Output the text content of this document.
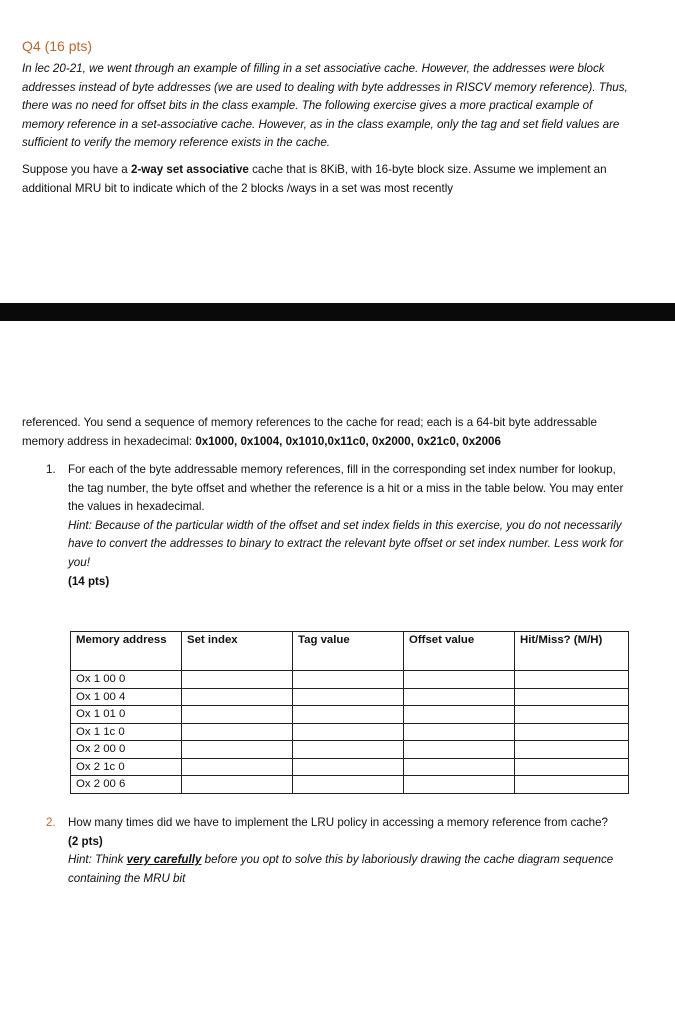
Q4 (16 pts)
In lec 20-21, we went through an example of filling in a set associative cache. However, the addresses were block addresses instead of byte addresses (we are used to dealing with byte addresses in RISCV memory reference). Thus, there was no need for offset bits in the class example. The following exercise gives a more practical example of memory reference in a set-associative cache. However, as in the class example, only the tag and set field values are sufficient to verify the memory reference exists in the cache.
Suppose you have a 2-way set associative cache that is 8KiB, with 16-byte block size. Assume we implement an additional MRU bit to indicate which of the 2 blocks /ways in a set was most recently
referenced. You send a sequence of memory references to the cache for read; each is a 64-bit byte addressable memory address in hexadecimal: 0x1000, 0x1004, 0x1010,0x11c0, 0x2000, 0x21c0, 0x2006
1. For each of the byte addressable memory references, fill in the corresponding set index number for lookup, the tag number, the byte offset and whether the reference is a hit or a miss in the table below. You may enter the values in hexadecimal.
Hint: Because of the particular width of the offset and set index fields in this exercise, you do not necessarily have to convert the addresses to binary to extract the relevant byte offset or set index number. Less work for you!
(14 pts)
Memory address	Set index	Tag value	Offset value	Hit/Miss? (M/H)
Ox 1 00 0				
Ox 1 00 4				
Ox 1 01 0				
Ox 1 1c 0				
Ox 2 00 0				
Ox 2 1c 0				
Ox 2 00 6				
2. How many times did we have to implement the LRU policy in accessing a memory reference from cache?
(2 pts)
Hint: Think very carefully before you opt to solve this by laboriously drawing the cache diagram sequence containing the MRU bit
